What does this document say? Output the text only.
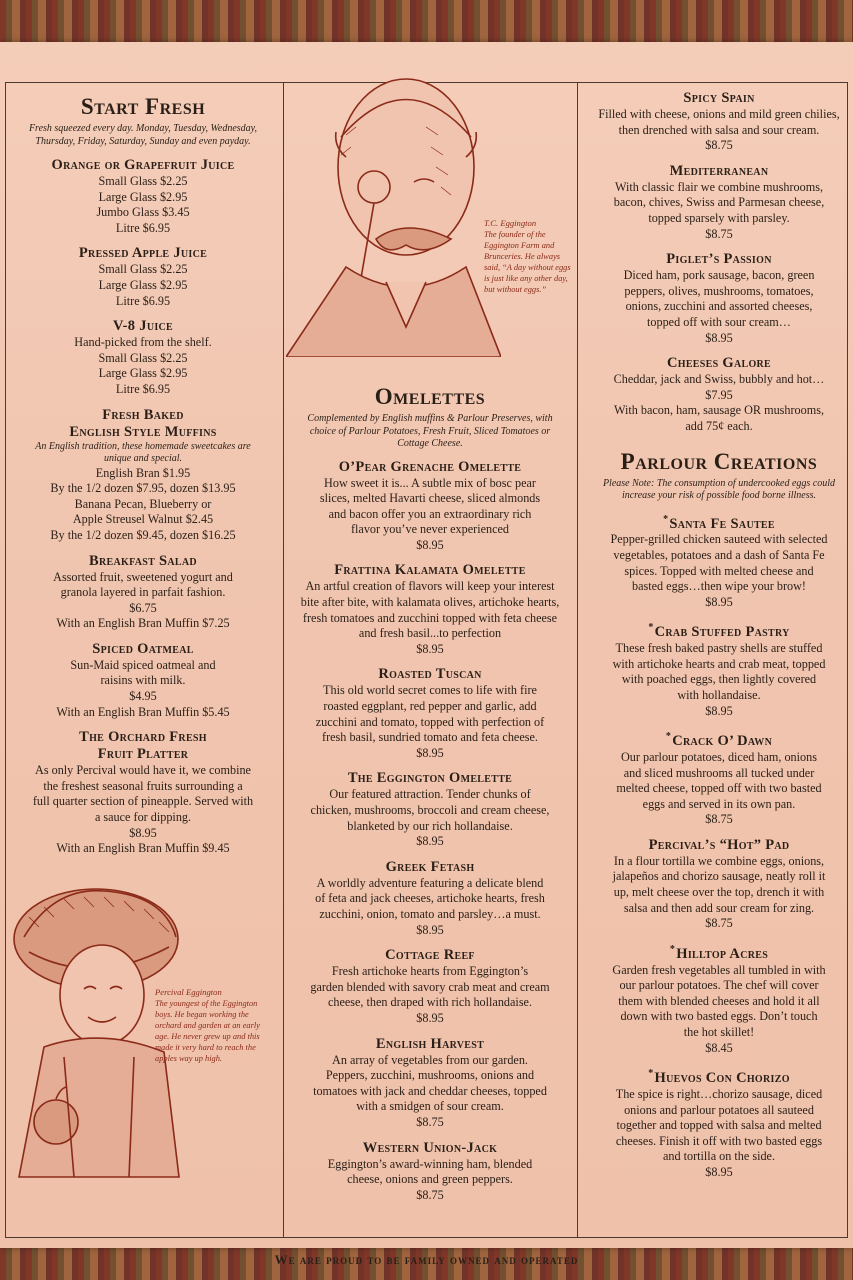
Start Fresh
Fresh squeezed every day. Monday, Tuesday, Wednesday, Thursday, Friday, Saturday, Sunday and even payday.
Orange or Grapefruit Juice
Small Glass $2.25
Large Glass $2.95
Jumbo Glass $3.45
Litre $6.95
Pressed Apple Juice
Small Glass $2.25
Large Glass $2.95
Litre $6.95
V-8 Juice
Hand-picked from the shelf.
Small Glass $2.25
Large Glass $2.95
Litre $6.95
Fresh Baked
English Style Muffins
An English tradition, these homemade sweetcakes are unique and special.
English Bran $1.95
By the 1/2 dozen $7.95, dozen $13.95
Banana Pecan, Blueberry or
Apple Streusel Walnut $2.45
By the 1/2 dozen $9.45, dozen $16.25
Breakfast Salad
Assorted fruit, sweetened yogurt and
granola layered in parfait fashion.
$6.75
With an English Bran Muffin $7.25
Spiced Oatmeal
Sun-Maid spiced oatmeal and
raisins with milk.
$4.95
With an English Bran Muffin $5.45
The Orchard Fresh
Fruit Platter
As only Percival would have it, we combine
the freshest seasonal fruits surrounding a
full quarter section of pineapple. Served with
a sauce for dipping.
$8.95
With an English Bran Muffin $9.45
Percival Eggington
The youngest of the Eggington boys. He began working the orchard and garden at an early age. He never grew up and this made it very hard to reach the apples way up high.
T.C. Eggington
The founder of the Eggington Farm and Brunceries. He always said, “A day without eggs is just like any other day, but without eggs.”
Omelettes
Complemented by English muffins & Parlour Preserves, with choice of Parlour Potatoes, Fresh Fruit, Sliced Tomatoes or Cottage Cheese.
O’Pear Grenache Omelette
How sweet it is... A subtle mix of bosc pear
slices, melted Havarti cheese, sliced almonds
and bacon offer you an extraordinary rich
flavor you’ve never experienced
$8.95
Frattina Kalamata Omelette
An artful creation of flavors will keep your interest
bite after bite, with kalamata olives, artichoke hearts,
fresh tomatoes and zucchini topped with feta cheese
and fresh basil...to perfection
$8.95
Roasted Tuscan
This old world secret comes to life with fire
roasted eggplant, red pepper and garlic, add
zucchini and tomato, topped with perfection of
fresh basil, sundried tomato and feta cheese.
$8.95
The Eggington Omelette
Our featured attraction. Tender chunks of
chicken, mushrooms, broccoli and cream cheese,
blanketed by our rich hollandaise.
$8.95
Greek Fetash
A worldly adventure featuring a delicate blend
of feta and jack cheeses, artichoke hearts, fresh
zucchini, onion, tomato and parsley…a must.
$8.95
Cottage Reef
Fresh artichoke hearts from Eggington’s
garden blended with savory crab meat and cream
cheese, then draped with rich hollandaise.
$8.95
English Harvest
An array of vegetables from our garden.
Peppers, zucchini, mushrooms, onions and
tomatoes with jack and cheddar cheeses, topped
with a smidgen of sour cream.
$8.75
Western Union-Jack
Eggington’s award-winning ham, blended
cheese, onions and green peppers.
$8.75
Spicy Spain
Filled with cheese, onions and mild green chilies,
then drenched with salsa and sour cream.
$8.75
Mediterranean
With classic flair we combine mushrooms,
bacon, chives, Swiss and Parmesan cheese,
topped sparsely with parsley.
$8.75
Piglet’s Passion
Diced ham, pork sausage, bacon, green
peppers, olives, mushrooms, tomatoes,
onions, zucchini and assorted cheeses,
topped off with sour cream…
$8.95
Cheeses Galore
Cheddar, jack and Swiss, bubbly and hot…
$7.95
With bacon, ham, sausage OR mushrooms,
add 75¢ each.
Parlour Creations
Please Note: The consumption of undercooked eggs could increase your risk of possible food borne illness.
*Santa Fe Sautee
Pepper-grilled chicken sauteed with selected
vegetables, potatoes and a dash of Santa Fe
spices. Topped with melted cheese and
basted eggs…then wipe your brow!
$8.95
*Crab Stuffed Pastry
These fresh baked pastry shells are stuffed
with artichoke hearts and crab meat, topped
with poached eggs, then lightly covered
with hollandaise.
$8.95
*Crack O’ Dawn
Our parlour potatoes, diced ham, onions
and sliced mushrooms all tucked under
melted cheese, topped off with two basted
eggs and served in its own pan.
$8.75
Percival’s “Hot” Pad
In a flour tortilla we combine eggs, onions,
jalapeños and chorizo sausage, neatly roll it
up, melt cheese over the top, drench it with
salsa and then add sour cream for zing.
$8.75
*Hilltop Acres
Garden fresh vegetables all tumbled in with
our parlour potatoes. The chef will cover
them with blended cheeses and hold it all
down with two basted eggs. Don’t touch
the hot skillet!
$8.45
*Huevos Con Chorizo
The spice is right…chorizo sausage, diced
onions and parlour potatoes all sauteed
together and topped with salsa and melted
cheeses. Finish it off with two basted eggs
and tortilla on the side.
$8.95
We are proud to be family owned and operated
